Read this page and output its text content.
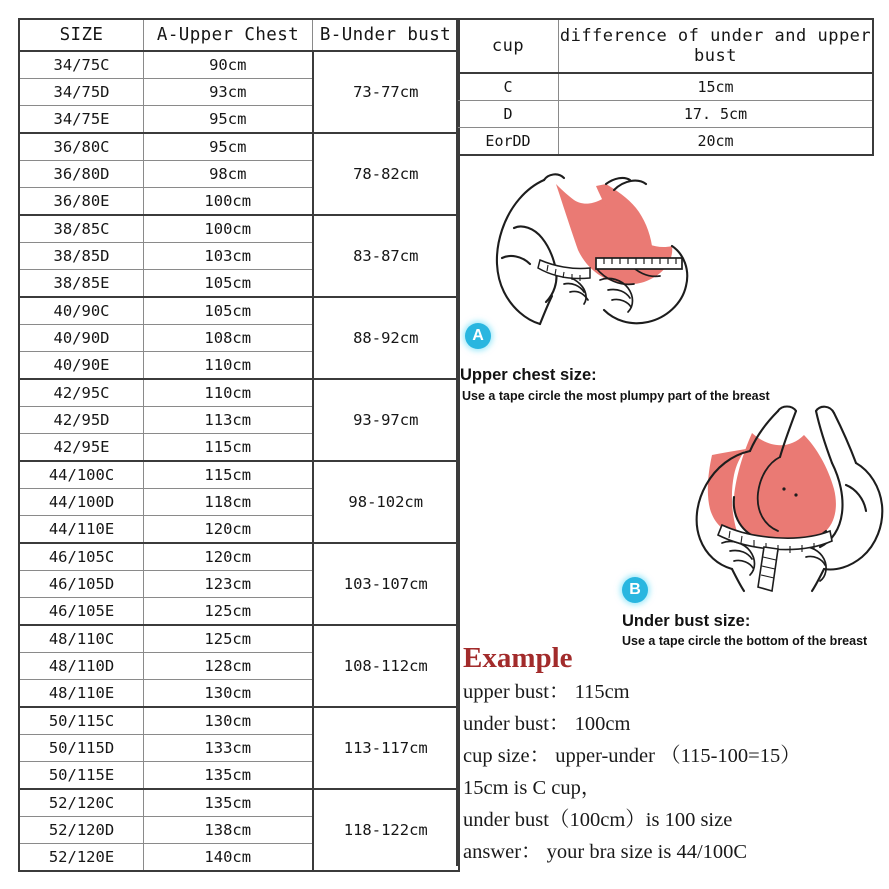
SIZE	A-Upper Chest	B-Under bust
34/75C	90cm	73-77cm
34/75D	93cm	
34/75E	95cm	
36/80C	95cm	78-82cm
36/80D	98cm	
36/80E	100cm	
38/85C	100cm	83-87cm
38/85D	103cm	
38/85E	105cm	
40/90C	105cm	88-92cm
40/90D	108cm	
40/90E	110cm	
42/95C	110cm	93-97cm
42/95D	113cm	
42/95E	115cm	
44/100C	115cm	98-102cm
44/100D	118cm	
44/110E	120cm	
46/105C	120cm	103-107cm
46/105D	123cm	
46/105E	125cm	
48/110C	125cm	108-112cm
48/110D	128cm	
48/110E	130cm	
50/115C	130cm	113-117cm
50/115D	133cm	
50/115E	135cm	
52/120C	135cm	118-122cm
52/120D	138cm	
52/120E	140cm	
cup	difference of under and upper bust
C	15cm
D	17. 5cm
EorDD	20cm
A
B
Upper chest size:
Use a tape circle the most plumpy part of the breast
Under bust size:
Use a tape circle the bottom of the breast
Example
upper bust： 115cm
under bust： 100cm
cup size： upper-under （115-100=15）
15cm is C cup，
under bust（100cm）is 100 size
answer： your bra size is 44/100C
